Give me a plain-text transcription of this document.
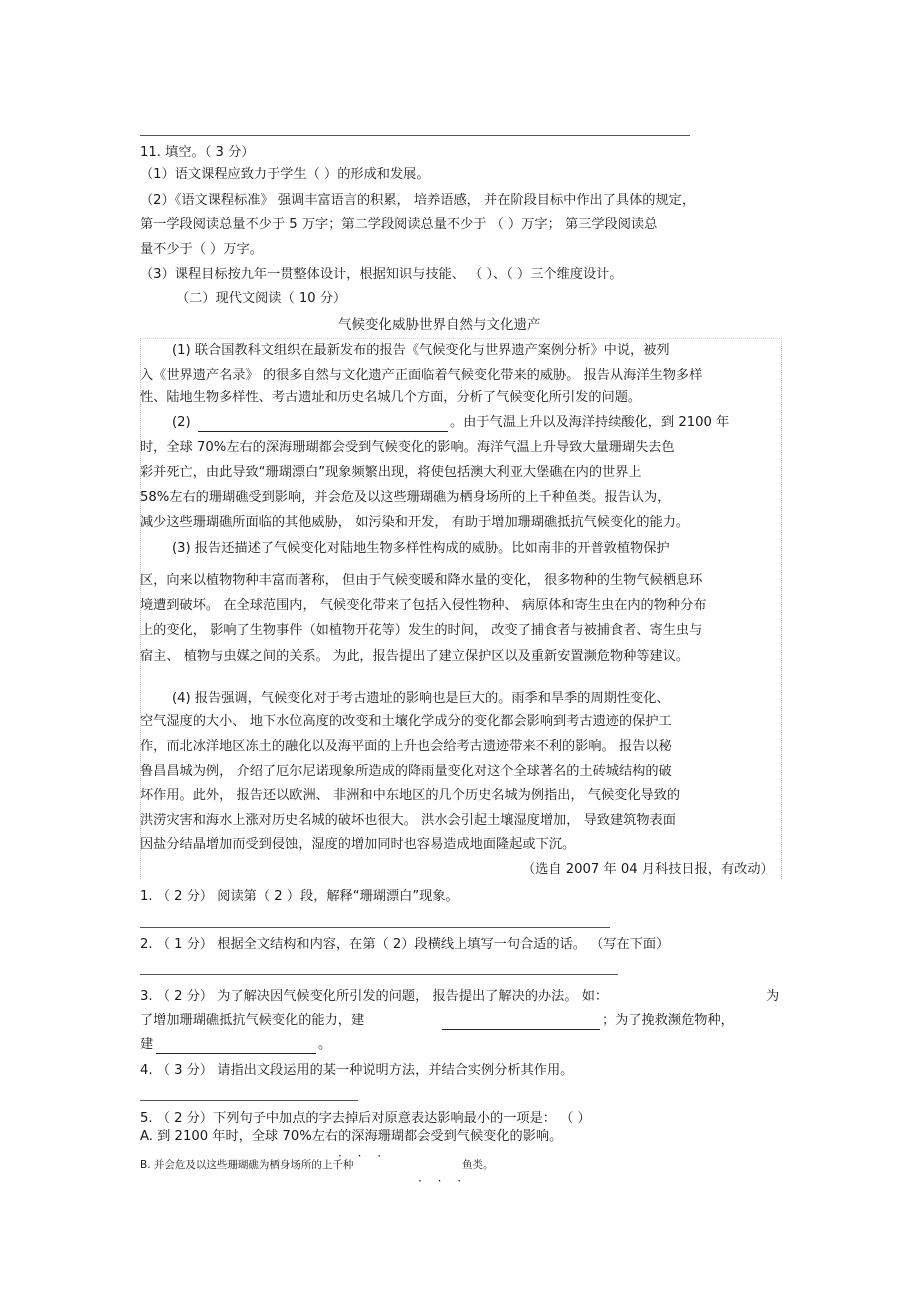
11. 填空。（ 3 分）
（1）语文课程应致力于学生（ ）的形成和发展。
（2）《语文课程标准》 强调丰富语言的积累， 培养语感， 并在阶段目标中作出了具体的规定，
第一学段阅读总量不少于 5 万字；第二学段阅读总量不少于 （ ）万字； 第三学段阅读总
量不少于（ ）万字。
（3）课程目标按九年一贯整体设计，根据知识与技能、 （ ）、（ ）三个维度设计。
（二）现代文阅读（ 10 分）
气候变化威胁世界自然与文化遗产
(1) 联合国教科文组织在最新发布的报告《气候变化与世界遗产案例分析》中说，被列
入《世界遗产名录》 的很多自然与文化遗产正面临着气候变化带来的威胁。 报告从海洋生物多样
性、陆地生物多样性、考古遗址和历史名城几个方面，分析了气候变化所引发的问题。
(2)	。由于气温上升以及海洋持续酸化，到 2100 年
时，全球 70%左右的深海珊瑚都会受到气候变化的影响。海洋气温上升导致大量珊瑚失去色
彩并死亡，由此导致“珊瑚漂白”现象频繁出现，将使包括澳大利亚大堡礁在内的世界上
58%左右的珊瑚礁受到影响，并会危及以这些珊瑚礁为栖身场所的上千种鱼类。报告认为，
减少这些珊瑚礁所面临的其他威胁， 如污染和开发， 有助于增加珊瑚礁抵抗气候变化的能力。
(3) 报告还描述了气候变化对陆地生物多样性构成的威胁。比如南非的开普敦植物保护
区，向来以植物物种丰富而著称， 但由于气候变暖和降水量的变化， 很多物种的生物气候栖息环
境遭到破坏。 在全球范围内， 气候变化带来了包括入侵性物种、 病原体和寄生虫在内的物种分布
上的变化， 影响了生物事件（如植物开花等）发生的时间， 改变了捕食者与被捕食者、寄生虫与
宿主、 植物与虫媒之间的关系。 为此，报告提出了建立保护区以及重新安置濒危物种等建议。
(4) 报告强调，气候变化对于考古遗址的影响也是巨大的。雨季和旱季的周期性变化、
空气湿度的大小、 地下水位高度的改变和土壤化学成分的变化都会影响到考古遗迹的保护工
作，而北冰洋地区冻土的融化以及海平面的上升也会给考古遗迹带来不利的影响。 报告以秘
鲁昌昌城为例， 介绍了厄尔尼诺现象所造成的降雨量变化对这个全球著名的土砖城结构的破
坏作用。此外， 报告还以欧洲、 非洲和中东地区的几个历史名城为例指出， 气候变化导致的
洪涝灾害和海水上涨对历史名城的破坏也很大。 洪水会引起土壤湿度增加， 导致建筑物表面
因盐分结晶增加而受到侵蚀，湿度的增加同时也容易造成地面隆起或下沉。
（选自 2007 年 04 月科技日报，有改动）
1. （ 2 分） 阅读第（ 2 ）段，解释“珊瑚漂白”现象。
2. （ 1 分） 根据全文结构和内容，在第（ 2）段横线上填写一句合适的话。 （写在下面）
3. （ 2 分） 为了解决因气候变化所引发的问题， 报告提出了解决的办法。 如：	为
了增加珊瑚礁抵抗气候变化的能力，建	；为了挽救濒危物种，
建	。
4. （ 3 分） 请指出文段运用的某一种说明方法，并结合实例分析其作用。
5. （ 2 分）下列句子中加点的字去掉后对原意表达影响最小的一项是： （ ）
A. 到 2100 年时，全球 70%左右的深海珊瑚都会受到气候变化的影响。
· · ·
B. 并会危及以这些珊瑚礁为栖身场所的上千种	鱼类。
· · ·
